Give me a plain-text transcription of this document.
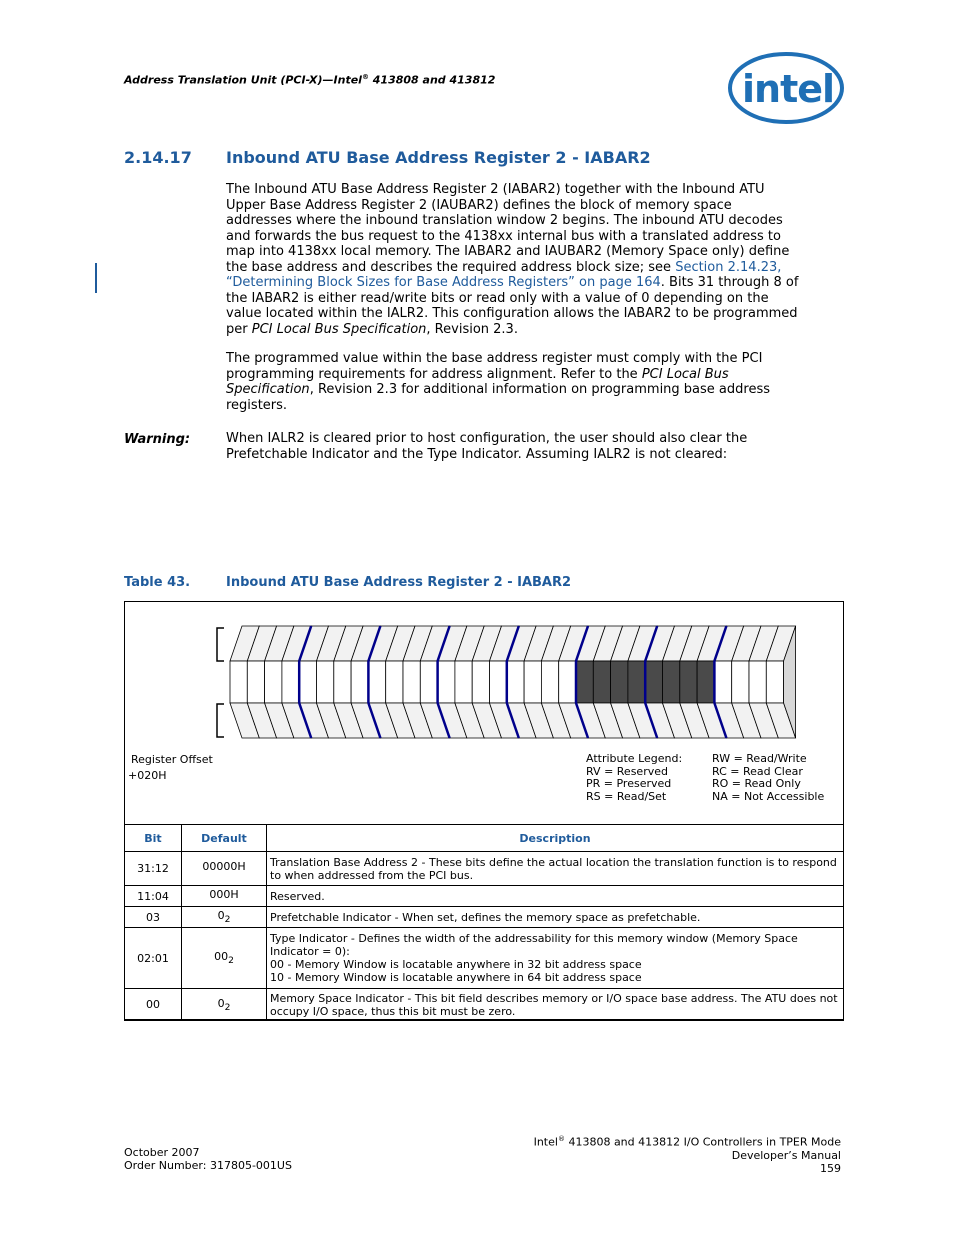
Address Translation Unit (PCI-X)—Intel® 413808 and 413812	intel
2.14.17 Inbound ATU Base Address Register 2 - IABAR2
The Inbound ATU Base Address Register 2 (IABAR2) together with the Inbound ATU
Upper Base Address Register 2 (IAUBAR2) defines the block of memory space
addresses where the inbound translation window 2 begins. The inbound ATU decodes
and forwards the bus request to the 4138xx internal bus with a translated address to
map into 4138xx local memory. The IABAR2 and IAUBAR2 (Memory Space only) define
the base address and describes the required address block size; see Section 2.14.23,
“Determining Block Sizes for Base Address Registers” on page 164. Bits 31 through 8 of
the IABAR2 is either read/write bits or read only with a value of 0 depending on the
value located within the IALR2. This configuration allows the IABAR2 to be programmed
per PCI Local Bus Specification, Revision 2.3.
The programmed value within the base address register must comply with the PCI
programming requirements for address alignment. Refer to the PCI Local Bus
Specification, Revision 2.3 for additional information on programming base address
registers.
Warning:	When IALR2 is cleared prior to host configuration, the user should also clear the
Prefetchable Indicator and the Type Indicator. Assuming IALR2 is not cleared:
Table 43.	Inbound ATU Base Address Register 2 - IABAR2
Register Offset
+020H
Attribute Legend:
RV = Reserved
PR = Preserved
RS = Read/Set
RW = Read/Write
RC = Read Clear
RO = Read Only
NA = Not Accessible
Bit	Default	Description
31:12	00000H	Translation Base Address 2 - These bits define the actual location the translation function is to respond to when addressed from the PCI bus.
11:04	000H	Reserved.
03	$0_2$	Prefetchable Indicator - When set, defines the memory space as prefetchable.
02:01	$00_2$	Type Indicator - Defines the width of the addressability for this memory window (Memory Space Indicator = 0):
00 - Memory Window is locatable anywhere in 32 bit address space
10 - Memory Window is locatable anywhere in 64 bit address space

00	$0_2$	Memory Space Indicator - This bit field describes memory or I/O space base address. The ATU does not occupy I/O space, thus this bit must be zero.
October 2007
Order Number: 317805-001US
Intel® 413808 and 413812 I/O Controllers in TPER Mode
Developer’s Manual
159
